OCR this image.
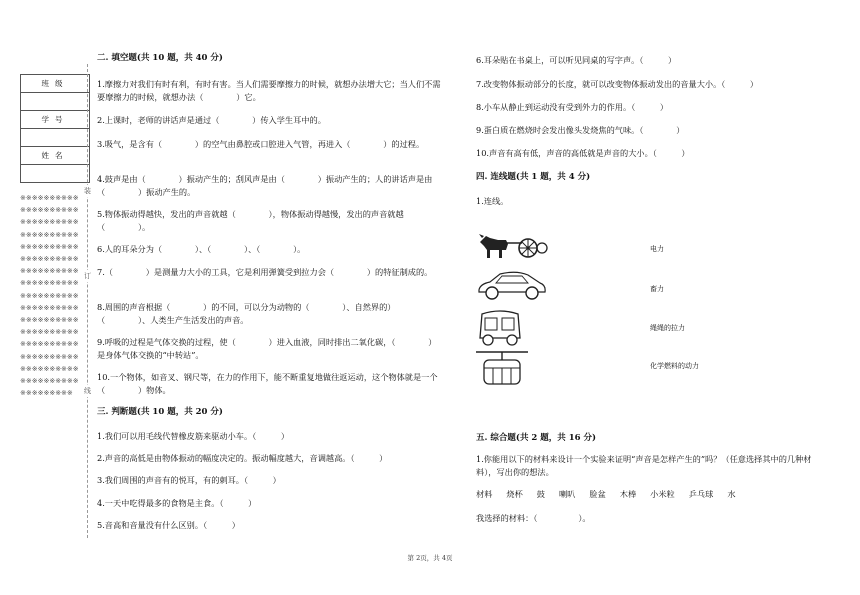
班级

学号

姓名

※※※※※※※※※※※※※※※※※※※※※※※※※※※※※※※※※※※※※※※※※※※※※※※※※※※※※※※※※※※※※※※※※※※※※※※※※※※※※※※※※※※※※※※※※※※※※※※※※※※※※※※※※※※※※※※※※※※※※※※※※※※※※※※※※※※※※※※※※※※※※※※※※※※※※※※※※※※※※※※※※※※※※※※※※
装
订
线
二. 填空题(共 10 题，共 40 分)
1.摩擦力对我们有时有利，有时有害。当人们需要摩擦力的时候，就想办法增大它；当人们不需要摩擦力的时候，就想办法（　　　　）它。
2.上课时，老师的讲话声是通过（　　　　）传入学生耳中的。
3.吸气，是含有（　　　　）的空气由鼻腔或口腔进入气管，再进入（　　　　）的过程。
4.鼓声是由（　　　　）振动产生的；刮风声是由（　　　　）振动产生的；人的讲话声是由（　　　　）振动产生的。
5.物体振动得越快，发出的声音就越（　　　　），物体振动得越慢，发出的声音就越（　　　　）。
6.人的耳朵分为（　　　　）、（　　　　）、（　　　　）。
7.（　　　　）是测量力大小的工具，它是利用弹簧受到拉力会（　　　　）的特征制成的。
8.周围的声音根据（　　　　）的不同，可以分为动物的（　　　　）、自然界的）（　　　　）、人类生产生活发出的声音。
9.呼吸的过程是气体交换的过程，使（　　　　）进入血液，同时排出二氧化碳，（　　　　）是身体气体交换的“中转站”。
10.一个物体，如音叉、钢尺等，在力的作用下，能不断重复地做往返运动，这个物体就是一个（　　　　）物体。
三. 判断题(共 10 题，共 20 分)
1.我们可以用毛线代替橡皮筋来驱动小车。（　　　）
2.声音的高低是由物体振动的幅度决定的。振动幅度越大，音调越高。（　　　）
3.我们周围的声音有的悦耳，有的刺耳。（　　　）
4.一天中吃得最多的食物是主食。（　　　）
5.音高和音量没有什么区别。（　　　）
6.耳朵贴在书桌上，可以听见同桌的写字声。（　　　）
7.改变物体振动部分的长度，就可以改变物体振动发出的音量大小。（　　　）
8.小车从静止到运动没有受到外力的作用。（　　　）
9.蛋白质在燃烧时会发出像头发烧焦的气味。（　　　　）
10.声音有高有低，声音的高低就是声音的大小。（　　　）
四. 连线题(共 1 题，共 4 分)
1.连线。
电力
畜力
绳绳的拉力
化学燃料的动力
五. 综合题(共 2 题，共 16 分)
1.你能用以下的材料来设计一个实验来证明“声音是怎样产生的”吗？（任意选择其中的几种材料），写出你的想法。
材料 烧杯 鼓 喇叭 脸盆 木棒 小米粒 乒乓球 水
我选择的材料：（　　　　　）。
第 2页，共 4页
